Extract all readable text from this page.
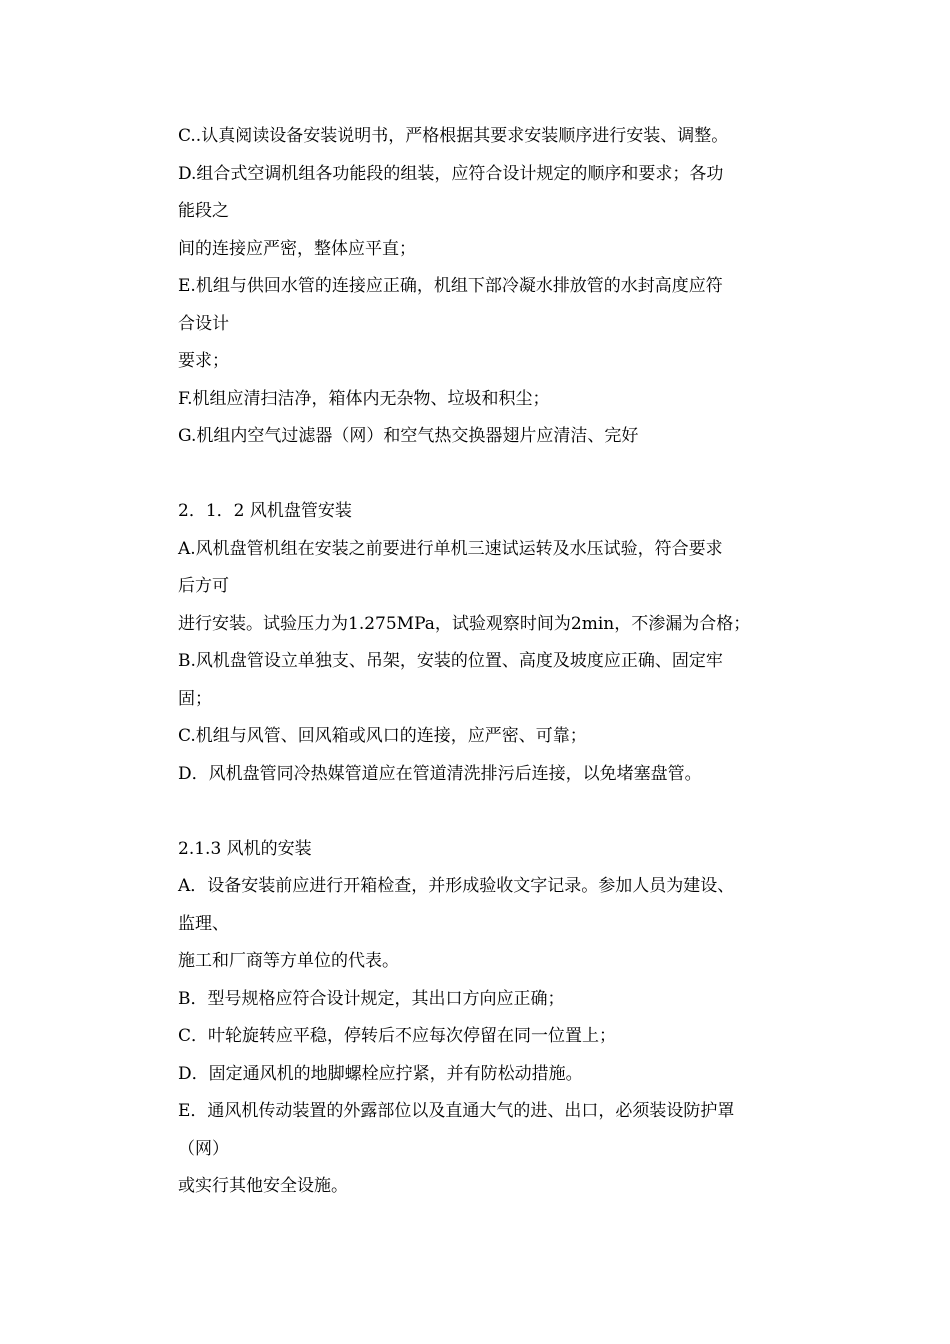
C..认真阅读设备安装说明书，严格根据其要求安装顺序进行安装、调整。

D.组合式空调机组各功能段的组装，应符合设计规定的顺序和要求；各功

能段之

间的连接应严密，整体应平直；

E.机组与供回水管的连接应正确，机组下部冷凝水排放管的水封高度应符

合设计

要求；

F.机组应清扫洁净，箱体内无杂物、垃圾和积尘；

G.机组内空气过滤器（网）和空气热交换器翅片应清洁、完好

2．1．2 风机盘管安装

A.风机盘管机组在安装之前要进行单机三速试运转及水压试验，符合要求

后方可

进行安装。试验压力为1.275MPa，试验观察时间为2min，不渗漏为合格；

B.风机盘管设立单独支、吊架，安装的位置、高度及坡度应正确、固定牢

固；

C.机组与风管、回风箱或风口的连接，应严密、可靠；

D．风机盘管同冷热媒管道应在管道清洗排污后连接，以免堵塞盘管。

2.1.3 风机的安装

A．设备安装前应进行开箱检查，并形成验收文字记录。参加人员为建设、

监理、

施工和厂商等方单位的代表。

B．型号规格应符合设计规定，其出口方向应正确；

C．叶轮旋转应平稳，停转后不应每次停留在同一位置上；

D．固定通风机的地脚螺栓应拧紧，并有防松动措施。

E．通风机传动装置的外露部位以及直通大气的进、出口，必须装设防护罩

（网）

或实行其他安全设施。
